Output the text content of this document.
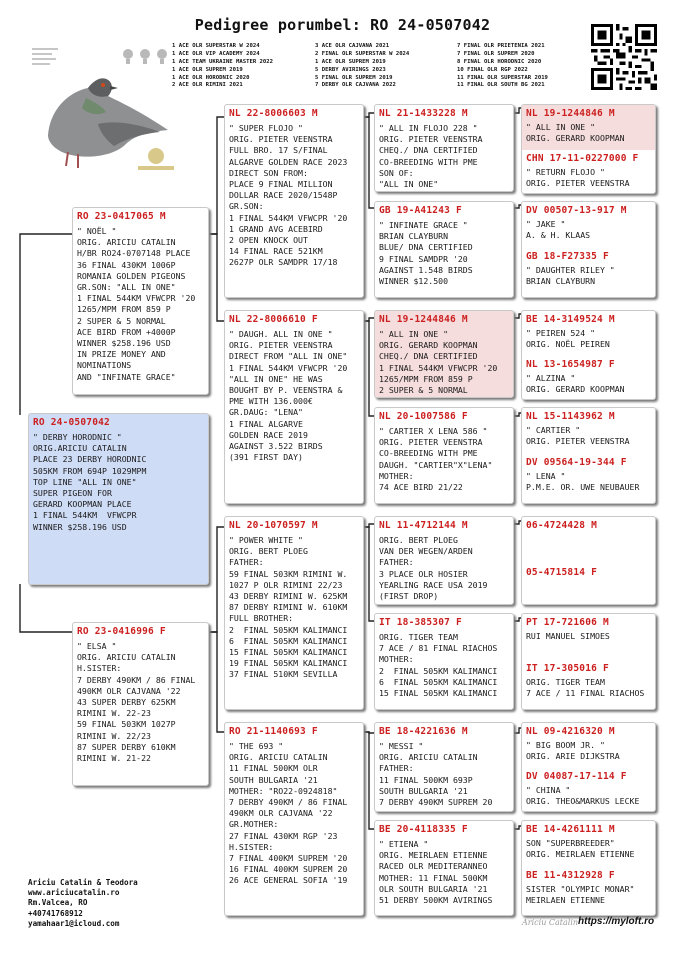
Pedigree porumbel: RO 24-0507042
1 ACE OLR SUPERSTAR W 2024
1 ACE OLR VIP ACADEMY 2024
1 ACE TEAM UKRAINE MASTER 2022
1 ACE OLR SUPREM 2019
1 ACE OLR HORODNIC 2020
2 ACE OLR RIMINI 2021
3 ACE OLR CAJVANA 2021
2 FINAL OLR SUPERSTAR W 2024
1 ACE OLR SUPREM 2019
5 DERBY AVIRINGS 2023
5 FINAL OLR SUPREM 2019
7 DERBY OLR CAJVANA 2022
7 FINAL OLR PRIETENIA 2021
7 FINAL OLR SUPREM 2020
8 FINAL OLR HORODNIC 2020
10 FINAL OLR RGP 2022
11 FINAL OLR SUPERSTAR 2019
11 FINAL OLR SOUTH BG 2021
RO 24-0507042
" DERBY HORODNIC "
ORIG.ARICIU CATALIN
PLACE 23 DERBY HORODNIC
505KM FROM 694P 1029MPM
TOP LINE "ALL IN ONE"
SUPER PIGEON FOR
GERARD KOOPMAN PLACE
1 FINAL 544KM  VFWCPR
WINNER $258.196 USD
RO 23-0417065 M
" NOËL "
ORIG. ARICIU CATALIN
H/BR RO24-0707148 PLACE
36 FINAL 430KM 1006P
ROMANIA GOLDEN PIGEONS
GR.SON: "ALL IN ONE"
1 FINAL 544KM VFWCPR '20
1265/MPM FROM 859 P
2 SUPER & 5 NORMAL
ACE BIRD FROM +4000P
WINNER $258.196 USD
IN PRIZE MONEY AND
NOMINATIONS
AND "INFINATE GRACE"
RO 23-0416996 F
" ELSA "
ORIG. ARICIU CATALIN
H.SISTER:
7 DERBY 490KM / 86 FINAL
490KM OLR CAJVANA '22
43 SUPER DERBY 625KM
RIMINI W. 22-23
59 FINAL 503KM 1027P
RIMINI W. 22/23
87 SUPER DERBY 610KM
RIMINI W. 21-22
NL 22-8006603 M
" SUPER FLOJO "
ORIG. PIETER VEENSTRA
FULL BRO. 17 S/FINAL
ALGARVE GOLDEN RACE 2023
DIRECT SON FROM:
PLACE 9 FINAL MILLION
DOLLAR RACE 2020/1548P
GR.SON:
1 FINAL 544KM VFWCPR '20
1 GRAND AVG ACEBIRD
2 OPEN KNOCK OUT
14 FINAL RACE 521KM
2627P OLR SAMDPR 17/18
NL 22-8006610 F
" DAUGH. ALL IN ONE "
ORIG. PIETER VEENSTRA
DIRECT FROM "ALL IN ONE"
1 FINAL 544KM VFWCPR '20
"ALL IN ONE" HE WAS
BOUGHT BY P. VEENSTRA &
PME WITH 136.000€
GR.DAUG: "LENA"
1 FINAL ALGARVE
GOLDEN RACE 2019
AGAINST 3.522 BIRDS
(391 FIRST DAY)
NL 20-1070597 M
" POWER WHITE "
ORIG. BERT PLOEG
FATHER:
59 FINAL 503KM RIMINI W.
1027 P OLR RIMINI 22/23
43 DERBY RIMINI W. 625KM
87 DERBY RIMINI W. 610KM
FULL BROTHER:
2  FINAL 505KM KALIMANCI
6  FINAL 505KM KALIMANCI
15 FINAL 505KM KALIMANCI
19 FINAL 505KM KALIMANCI
37 FINAL 510KM SEVILLA
RO 21-1140693 F
" THE 693 "
ORIG. ARICIU CATALIN
11 FINAL 500KM OLR
SOUTH BULGARIA '21
MOTHER: "RO22-0924818"
7 DERBY 490KM / 86 FINAL
490KM OLR CAJVANA '22
GR.MOTHER:
27 FINAL 430KM RGP '23
H.SISTER:
7 FINAL 400KM SUPREM '20
16 FINAL 400KM SUPREM 20
26 ACE GENERAL SOFIA '19
NL 21-1433228 M
" ALL IN FLOJO 228 "
ORIG. PIETER VEENSTRA
CHEQ./ DNA CERTIFIED
CO-BREEDING WITH PME
SON OF:
"ALL IN ONE"
GB 19-A41243 F
" INFINATE GRACE "
BRIAN CLAYBURN
BLUE/ DNA CERTIFIED
9 FINAL SAMDPR '20
AGAINST 1.548 BIRDS
WINNER $12.500
NL 19-1244846 M
" ALL IN ONE "
ORIG. GERARD KOOPMAN
CHEQ./ DNA CERTIFIED
1 FINAL 544KM VFWCPR '20
1265/MPM FROM 859 P
2 SUPER & 5 NORMAL
NL 20-1007586 F
" CARTIER X LENA 586 "
ORIG. PIETER VEENSTRA
CO-BREEDING WITH PME
DAUGH. "CARTIER"X"LENA"
MOTHER:
74 ACE BIRD 21/22
NL 11-4712144 M
ORIG. BERT PLOEG
VAN DER WEGEN/ARDEN
FATHER:
3 PLACE OLR HOSIER
YEARLING RACE USA 2019
(FIRST DROP)
IT 18-385307 F
ORIG. TIGER TEAM
7 ACE / 81 FINAL RIACHOS
MOTHER:
2  FINAL 505KM KALIMANCI
6  FINAL 505KM KALIMANCI
15 FINAL 505KM KALIMANCI
BE 18-4221636 M
" MESSI "
ORIG. ARICIU CATALIN
FATHER:
11 FINAL 500KM 693P
SOUTH BULGARIA '21
7 DERBY 490KM SUPREM 20
BE 20-4118335 F
" ETIENA "
ORIG. MEIRLAEN ETIENNE
RACED OLR MEDITERANNEO
MOTHER: 11 FINAL 500KM
OLR SOUTH BULGARIA '21
51 DERBY 500KM AVIRINGS
NL 19-1244846 M
" ALL IN ONE "
ORIG. GERARD KOOPMAN
CHN 17-11-0227000 F
" RETURN FLOJO "
ORIG. PIETER VEENSTRA
DV 00507-13-917 M
" JAKE "
A. & H. KLAAS
GB 18-F27335 F
" DAUGHTER RILEY "
BRIAN CLAYBURN
BE 14-3149524 M
" PEIREN 524 "
ORIG. NOËL PEIREN
NL 13-1654987 F
" ALZINA "
ORIG. GERARD KOOPMAN
NL 15-1143962 M
" CARTIER "
ORIG. PIETER VEENSTRA
DV 09564-19-344 F
" LENA "
P.M.E. OR. UWE NEUBAUER
06-4724428 M
05-4715814 F
PT 17-721606 M
RUI MANUEL SIMOES
IT 17-305016 F
ORIG. TIGER TEAM
7 ACE / 11 FINAL RIACHOS
NL 09-4216320 M
" BIG BOOM JR. "
ORIG. ARIE DIJKSTRA
DV 04087-17-114 F
" CHINA "
ORIG. THEO&MARKUS LECKE
BE 14-4261111 M
SON "SUPERBREEDER"
ORIG. MEIRLAEN ETIENNE
BE 11-4312928 F
SISTER "OLYMPIC MONAR"
MEIRLAEN ETIENNE
Ariciu Catalin & Teodora
www.ariciucatalin.ro
Rm.Valcea, RO
+40741768912
yamahaar1@icloud.com	Ariciu Catalin https://myloft.ro
